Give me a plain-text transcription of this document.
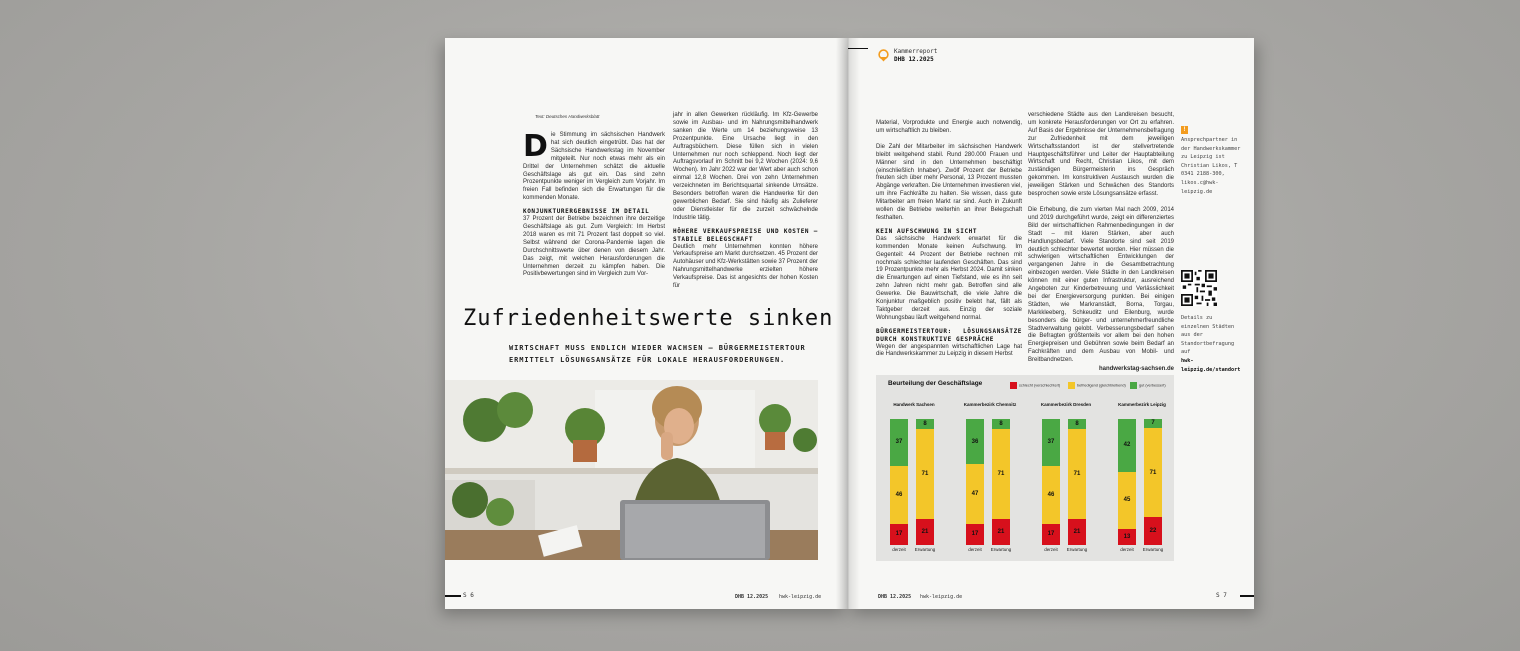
Text: Deutsches Handwerksblatt
D ie Stimmung im sächsischen Handwerk hat sich deutlich eingetrübt. Das hat der Sächsische Handwerkstag im November mitgeteilt. Nur noch etwas mehr als ein Drittel der Unternehmen schätzt die aktuelle Geschäftslage als gut ein. Das sind zehn Prozentpunkte weniger im Vergleich zum Vorjahr. Im freien Fall befinden sich die Erwartungen für die kommenden Monate.
KONJUNKTURERGEBNISSE IM DETAIL
37 Prozent der Betriebe bezeichnen ihre derzeitige Geschäftslage als gut. Zum Vergleich: Im Herbst 2018 waren es mit 71 Prozent fast doppelt so viel. Selbst während der Corona-Pandemie lagen die Durchschnittswerte über denen von diesem Jahr. Das zeigt, mit welchen Herausforderungen die Unternehmen derzeit zu kämpfen haben. Die Positivbewertungen sind im Vergleich zum Vor-
jahr in allen Gewerken rückläufig. Im Kfz-Gewerbe sowie im Ausbau- und im Nahrungsmittelhandwerk sanken die Werte um 14 beziehungsweise 13 Prozentpunkte. Eine Ursache liegt in den Auftragsbüchern. Diese füllen sich in vielen Unternehmen nur noch schleppend. Noch liegt der Auftragsvorlauf im Schnitt bei 9,2 Wochen (2024: 9,6 Wochen). Im Jahr 2022 war der Wert aber auch schon einmal 12,8 Wochen. Drei von zehn Unternehmen verzeichneten im Berichtsquartal sinkende Umsätze. Besonders betroffen waren die Handwerke für den gewerblichen Bedarf. Sie sind häufig als Zulieferer oder Dienstleister für die zurzeit schwächelnde Industrie tätig.
HÖHERE VERKAUFSPREISE UND KOSTEN – STABILE BELEGSCHAFT
Deutlich mehr Unternehmen konnten höhere Verkaufspreise am Markt durchsetzen. 45 Prozent der Autohäuser und Kfz-Werkstätten sowie 37 Prozent der Nahrungsmittelhandwerke erzielten höhere Verkaufspreise. Das ist angesichts der hohen Kosten für
Zufriedenheitswerte sinken
WIRTSCHAFT MUSS ENDLICH WIEDER WACHSEN – BÜRGERMEISTERTOUR ERMITTELT LÖSUNGSANSÄTZE FÜR LOKALE HERAUSFORDERUNGEN.
S 6	DHB 12.2025 hwk-leipzig.de
Kammerreport
DHB 12.2025
Material, Vorprodukte und Energie auch notwendig, um wirtschaftlich zu bleiben.
Die Zahl der Mitarbeiter im sächsischen Handwerk bleibt weitgehend stabil. Rund 280.000 Frauen und Männer sind in den Unternehmen beschäftigt (einschließlich Inhaber). Zwölf Prozent der Betriebe freuten sich über mehr Personal, 13 Prozent mussten Abgänge verkraften. Die Unternehmen investieren viel, um ihre Fachkräfte zu halten. Sie wissen, dass gute Mitarbeiter am freien Markt rar sind. Auch in Zukunft wollen die Betriebe weiterhin an ihrer Belegschaft festhalten.
KEIN AUFSCHWUNG IN SICHT
Das sächsische Handwerk erwartet für die kommenden Monate keinen Aufschwung. Im Gegenteil: 44 Prozent der Betriebe rechnen mit nochmals schlechter laufenden Geschäften. Das sind 19 Prozentpunkte mehr als Herbst 2024. Damit sinken die Erwartungen auf einen Tiefstand, wie es ihn seit zehn Jahren nicht mehr gab. Betroffen sind alle Gewerke. Die Bauwirtschaft, die viele Jahre die Konjunktur maßgeblich positiv belebt hat, fällt als Taktgeber derzeit aus. Einzig der soziale Wohnungsbau läuft weitgehend normal.
BÜRGERMEISTERTOUR: LÖSUNGSANSÄTZE DURCH KONSTRUKTIVE GESPRÄCHE
Wegen der angespannten wirtschaftlichen Lage hat die Handwerkskammer zu Leipzig in diesem Herbst
verschiedene Städte aus den Landkreisen besucht, um konkrete Herausforderungen vor Ort zu erfahren. Auf Basis der Ergebnisse der Unternehmensbefragung zur Zufriedenheit mit dem jeweiligen Wirtschaftsstandort ist der stellvertretende Hauptgeschäftsführer und Leiter der Hauptabteilung Wirtschaft und Recht, Christian Likos, mit dem zuständigen Bürgermeisterin ins Gespräch gekommen. Im konstruktiven Austausch wurden die jeweiligen Stärken und Schwächen des Standorts besprochen sowie erste Lösungsansätze erfasst.
Die Erhebung, die zum vierten Mal nach 2009, 2014 und 2019 durchgeführt wurde, zeigt ein differenziertes Bild der wirtschaftlichen Rahmenbedingungen in der Stadt – mit klaren Stärken, aber auch Handlungsbedarf. Viele Standorte sind seit 2019 deutlich schlechter bewertet worden. Hier müssen die schwierigen wirtschaftlichen Entwicklungen der vergangenen Jahre in die Gesamtbetrachtung einbezogen werden. Viele Städte in den Landkreisen können mit einer guten Infrastruktur, ausreichend Angeboten zur Kinderbetreuung und Verlässlichkeit bei der Energieversorgung punkten. Bei einigen Städten, wie Markranstädt, Borna, Torgau, Markkleeberg, Schkeuditz und Eilenburg, wurde besonders die bürger- und unternehmerfreundliche Stadtverwaltung gelobt. Verbesserungsbedarf sahen die Befragten größtenteils vor allem bei den hohen Energiepreisen und Gebühren sowie beim Bedarf an Fachkräften und dem Ausbau von Mobil- und Breitbandnetzen.
handwerkstag-sachsen.de
!
Ansprechpartner in der Handwerkskammer zu Leipzig ist Christian Likos, T 0341 2188-300, likos.c@hwk-leipzig.de
Details zu einzelnen Städten aus der Standortbefragung auf
hwk-leipzig.de/standort
Beurteilung der Geschäftslage	schlecht (verschlechtert)	befriedigend (gleichbleibend)	gut (verbessert)
Handwerk Sachsen
37
46
17
derzeit
8
71
21
Erwartung
Kammerbezirk Chemnitz
36
47
17
derzeit
8
71
21
Erwartung
Kammerbezirk Dresden
37
46
17
derzeit
8
71
21
Erwartung
Kammerbezirk Leipzig
42
45
13
derzeit
7
71
22
Erwartung
DHB 12.2025 hwk-leipzig.de	S 7
